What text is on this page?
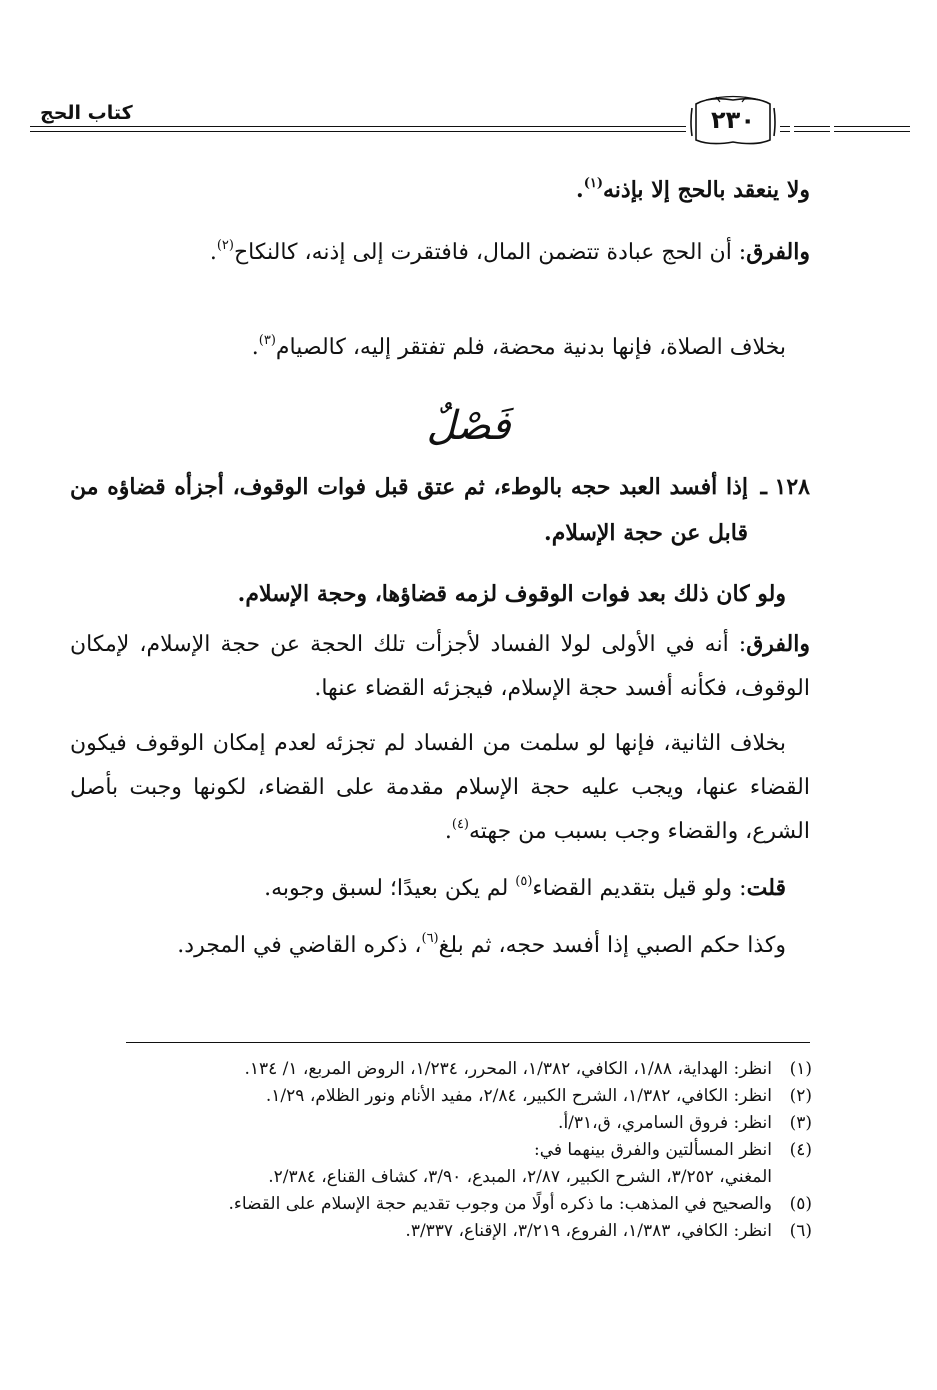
كتاب الحج	٢٣٠

ولا ينعقد بالحج إلا بإذنه$^{(١)}$.

والفرق: أن الحج عبادة تتضمن المال، فافتقرت إلى إذنه، كالنكاح$^{(٢)}$.

بخلاف الصلاة، فإنها بدنية محضة، فلم تفتقر إليه، كالصيام$^{(٣)}$.

فَصْلٌ
١٢٨ ـ
إذا أفسد العبد حجه بالوطء، ثم عتق قبل فوات الوقوف، أجزأه قضاؤه من قابل عن حجة الإسلام.

ولو كان ذلك بعد فوات الوقوف لزمه قضاؤها، وحجة الإسلام.

والفرق: أنه في الأولى لولا الفساد لأجزأت تلك الحجة عن حجة الإسلام، لإمكان الوقوف، فكأنه أفسد حجة الإسلام، فيجزئه القضاء عنها.

بخلاف الثانية، فإنها لو سلمت من الفساد لم تجزئه لعدم إمكان الوقوف فيكون القضاء عنها، ويجب عليه حجة الإسلام مقدمة على القضاء، لكونها وجبت بأصل الشرع، والقضاء وجب بسبب من جهته$^{(٤)}$.

قلت: ولو قيل بتقديم القضاء$^{(٥)}$ لم يكن بعيدًا؛ لسبق وجوبه.

وكذا حكم الصبي إذا أفسد حجه، ثم بلغ$^{(٦)}$، ذكره القاضي في المجرد.

(١)
انظر: الهداية، ١/٨٨، الكافي، ١/٣٨٢، المحرر، ١/٢٣٤، الروض المربع، ١/ ١٣٤.
(٢)
انظر: الكافي، ١/٣٨٢، الشرح الكبير، ٢/٨٤، مفيد الأنام ونور الظلام، ١/٢٩.
(٣)
انظر: فروق السامري، ق،٣١/أ.
(٤)
انظر المسألتين والفرق بينهما في:
المغني، ٣/٢٥٢، الشرح الكبير، ٢/٨٧، المبدع، ٣/٩٠، كشاف القناع، ٢/٣٨٤.
(٥)
والصحيح في المذهب: ما ذكره أولًا من وجوب تقديم حجة الإسلام على القضاء.
(٦)
انظر: الكافي، ١/٣٨٣، الفروع، ٣/٢١٩، الإقناع، ٣/٣٣٧.
